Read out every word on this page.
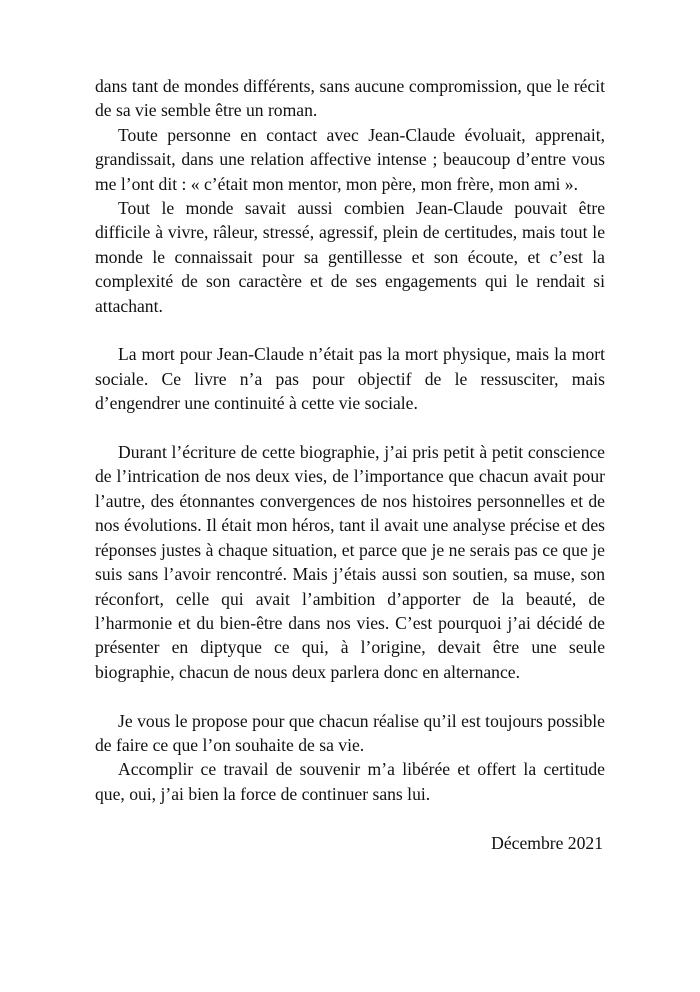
dans tant de mondes différents, sans aucune compromission, que le récit de sa vie semble être un roman.

Toute personne en contact avec Jean-Claude évoluait, apprenait, grandissait, dans une relation affective intense ; beaucoup d’entre vous me l’ont dit : « c’était mon mentor, mon père, mon frère, mon ami ».

Tout le monde savait aussi combien Jean-Claude pouvait être difficile à vivre, râleur, stressé, agressif, plein de certitudes, mais tout le monde le connaissait pour sa gentillesse et son écoute, et c’est la complexité de son caractère et de ses engagements qui le rendait si attachant.

La mort pour Jean-Claude n’était pas la mort physique, mais la mort sociale. Ce livre n’a pas pour objectif de le ressusciter, mais d’engendrer une continuité à cette vie sociale.

Durant l’écriture de cette biographie, j’ai pris petit à petit conscience de l’intrication de nos deux vies, de l’importance que chacun avait pour l’autre, des étonnantes convergences de nos histoires personnelles et de nos évolutions. Il était mon héros, tant il avait une analyse précise et des réponses justes à chaque situation, et parce que je ne serais pas ce que je suis sans l’avoir rencontré. Mais j’étais aussi son soutien, sa muse, son réconfort, celle qui avait l’ambition d’apporter de la beauté, de l’harmonie et du bien-être dans nos vies. C’est pourquoi j’ai décidé de présenter en diptyque ce qui, à l’origine, devait être une seule biographie, chacun de nous deux parlera donc en alternance.

Je vous le propose pour que chacun réalise qu’il est toujours possible de faire ce que l’on souhaite de sa vie.

Accomplir ce travail de souvenir m’a libérée et offert la certitude que, oui, j’ai bien la force de continuer sans lui.

Décembre 2021
